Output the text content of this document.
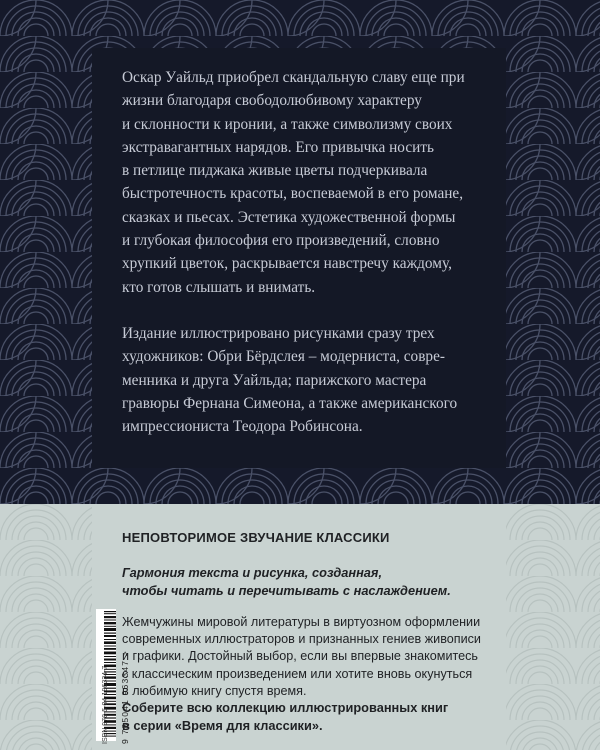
Оскар Уайльд приобрел скандальную славу еще при
жизни благодаря свободолюбивому характеру
и склонности к иронии, а также символизму своих
экстравагантных нарядов. Его привычка носить
в петлице пиджака живые цветы подчеркивала
быстротечность красоты, воспеваемой в его романе,
сказках и пьесах. Эстетика художественной формы
и глубокая философия его произведений, словно
хрупкий цветок, раскрывается навстречу каждому,
кто готов слышать и внимать.

Издание иллюстрировано рисунками сразу трех
художников: Обри Бёрдслея – модерниста, совре-
менника и друга Уайльда; парижского мастера
гравюры Фернана Симеона, а также американского
импрессиониста Теодора Робинсона.

НЕПОВТОРИМОЕ ЗВУЧАНИЕ КЛАССИКИ
Гармония текста и рисунка, созданная,
чтобы читать и перечитывать с наслаждением.
Жемчужины мировой литературы в виртуозном оформлении
современных иллюстраторов и признанных гениев живописи
и графики. Достойный выбор, если вы впервые знакомитесь
с классическим произведением или хотите вновь окунуться
в любимую книгу спустя время.
Соберите всю коллекцию иллюстрированных книг
в серии «Время для классики».
ISBN 978-5-04-196334-7 9 785041 963347 >
